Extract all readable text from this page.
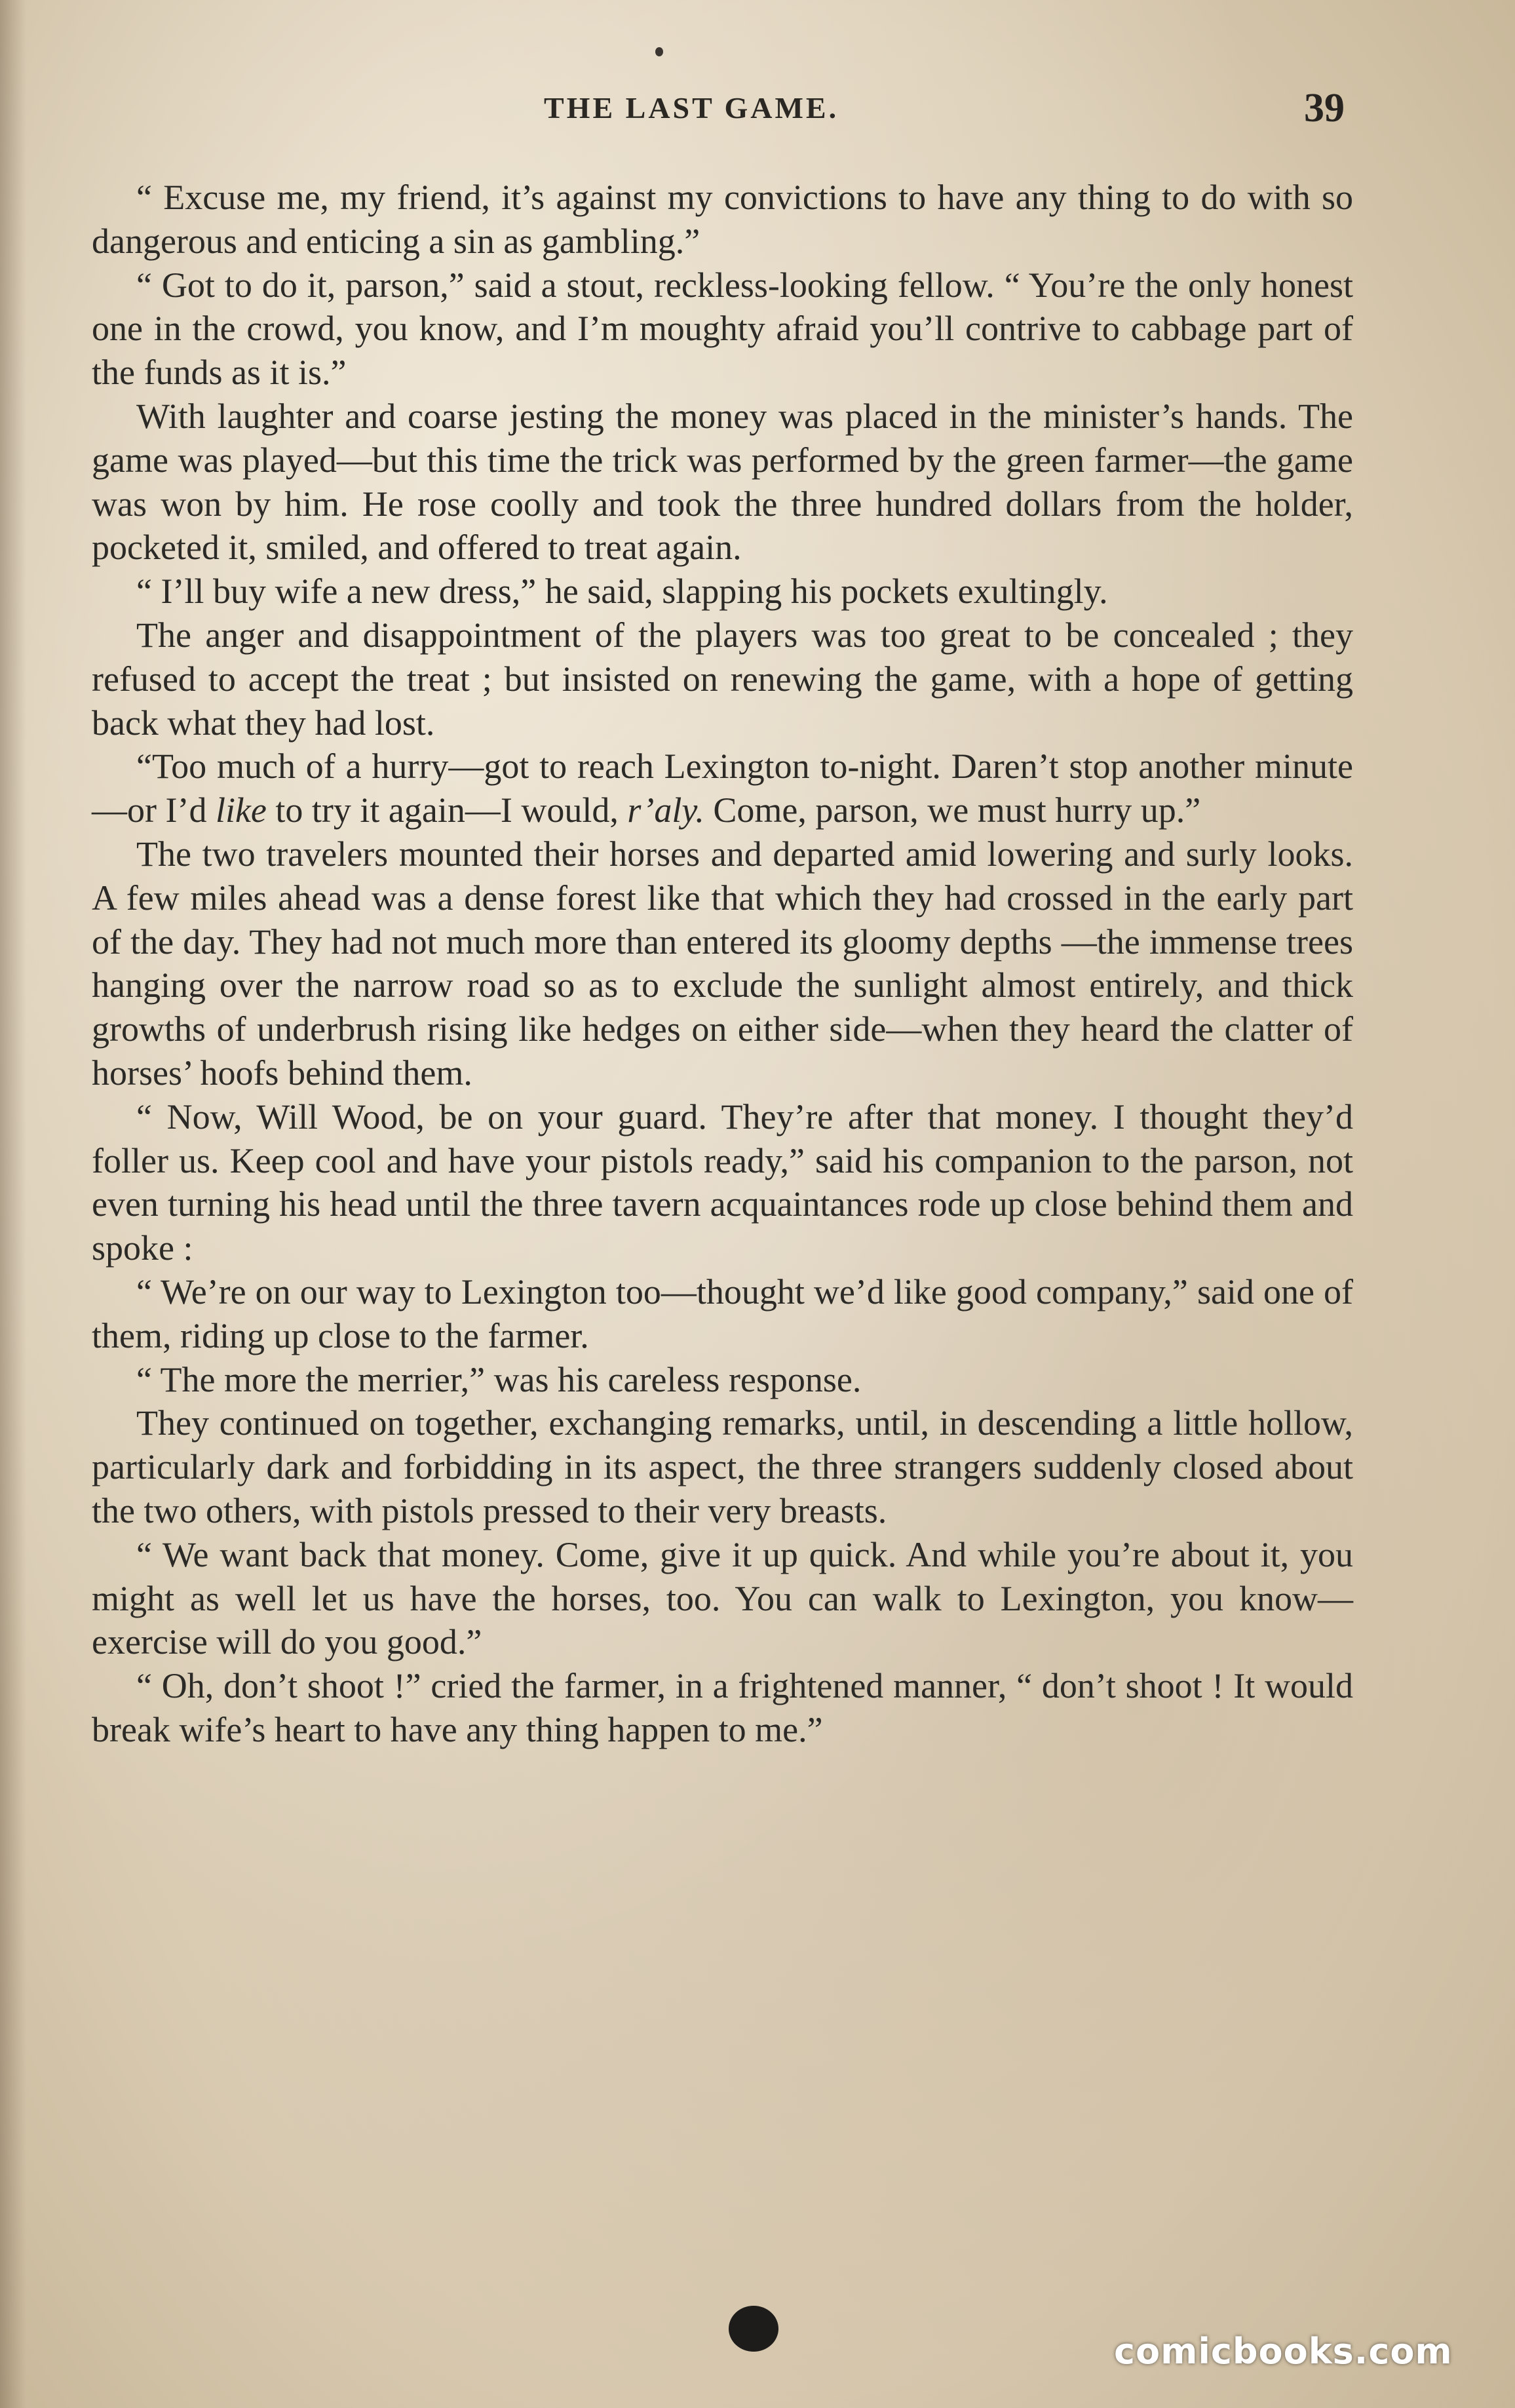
THE LAST GAME.	39

“ Excuse me, my friend, it’s against my convictions to have any thing to do with so dangerous and enticing a sin as gambling.”

“ Got to do it, parson,” said a stout, reckless-looking fellow. “ You’re the only honest one in the crowd, you know, and I’m moughty afraid you’ll contrive to cabbage part of the funds as it is.”

With laughter and coarse jesting the money was placed in the minister’s hands. The game was played—but this time the trick was performed by the green farmer—the game was won by him. He rose coolly and took the three hundred dollars from the holder, pocketed it, smiled, and offered to treat again.

“ I’ll buy wife a new dress,” he said, slapping his pockets exultingly.

The anger and disappointment of the players was too great to be concealed ; they refused to accept the treat ; but insisted on renewing the game, with a hope of getting back what they had lost.

“Too much of a hurry—got to reach Lexington to-night. Daren’t stop another minute—or I’d like to try it again—I would, r’aly. Come, parson, we must hurry up.”

The two travelers mounted their horses and departed amid lowering and surly looks. A few miles ahead was a dense forest like that which they had crossed in the early part of the day. They had not much more than entered its gloomy depths —the immense trees hanging over the narrow road so as to exclude the sunlight almost entirely, and thick growths of underbrush rising like hedges on either side—when they heard the clatter of horses’ hoofs behind them.

“ Now, Will Wood, be on your guard. They’re after that money. I thought they’d foller us. Keep cool and have your pistols ready,” said his companion to the parson, not even turning his head until the three tavern acquaintances rode up close behind them and spoke :

“ We’re on our way to Lexington too—thought we’d like good company,” said one of them, riding up close to the farmer.

“ The more the merrier,” was his careless response.

They continued on together, exchanging remarks, until, in descending a little hollow, particularly dark and forbidding in its aspect, the three strangers suddenly closed about the two others, with pistols pressed to their very breasts.

“ We want back that money. Come, give it up quick. And while you’re about it, you might as well let us have the horses, too. You can walk to Lexington, you know—exercise will do you good.”

“ Oh, don’t shoot !” cried the farmer, in a frightened manner, “ don’t shoot ! It would break wife’s heart to have any thing happen to me.”

comicbooks.com
